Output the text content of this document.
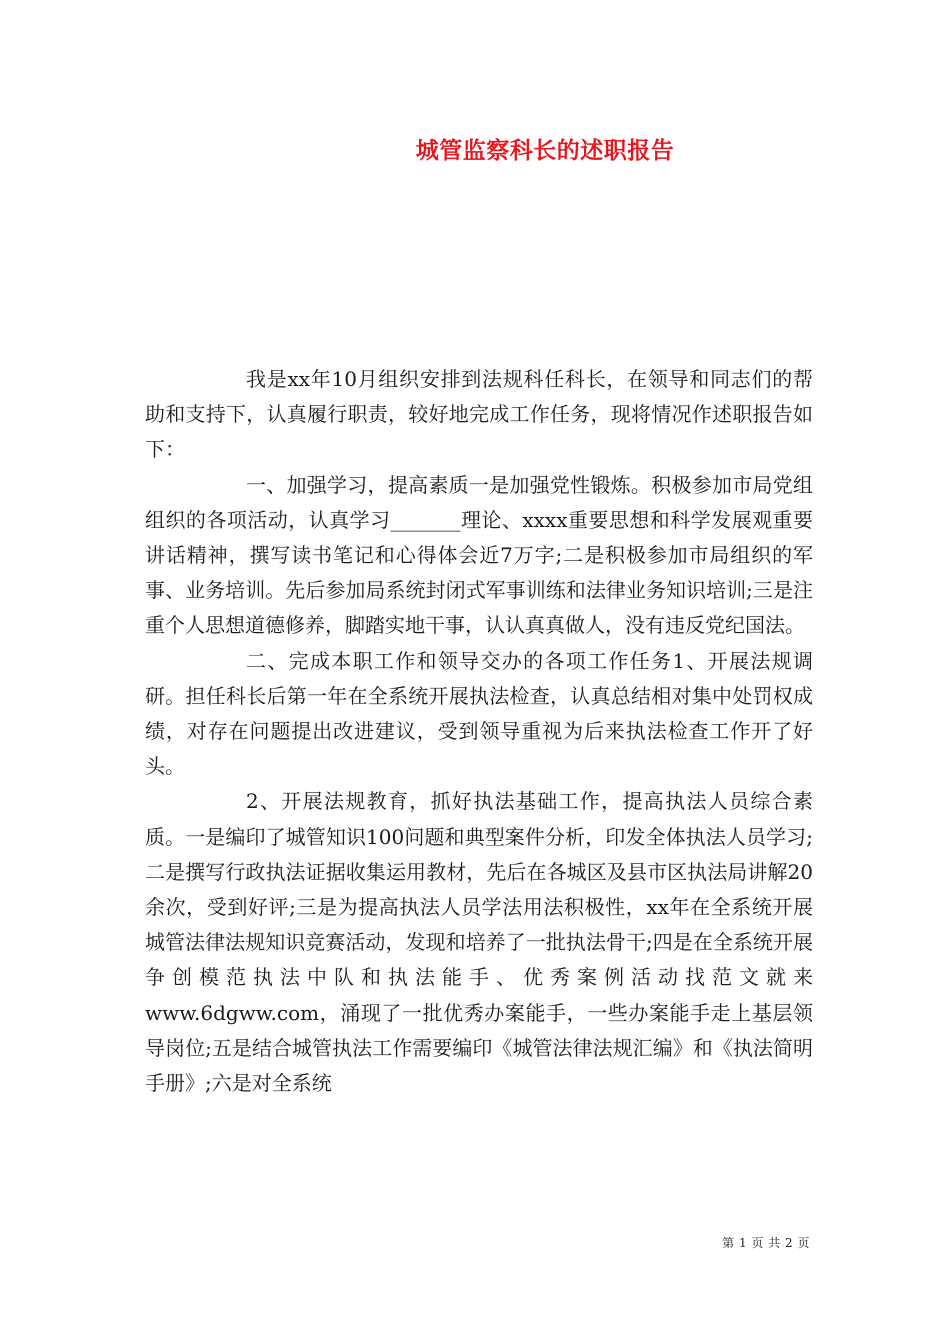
城管监察科长的述职报告

我是xx年10月组织安排到法规科任科长，在领导和同志们的帮助和支持下，认真履行职责，较好地完成工作任务，现将情况作述职报告如下：

一、加强学习，提高素质一是加强党性锻炼。积极参加市局党组组织的各项活动，认真学习_______理论、xxxx重要思想和科学发展观重要讲话精神，撰写读书笔记和心得体会近7万字;二是积极参加市局组织的军事、业务培训。先后参加局系统封闭式军事训练和法律业务知识培训;三是注重个人思想道德修养，脚踏实地干事，认认真真做人，没有违反党纪国法。

二、完成本职工作和领导交办的各项工作任务1、开展法规调研。担任科长后第一年在全系统开展执法检查，认真总结相对集中处罚权成绩，对存在问题提出改进建议，受到领导重视为后来执法检查工作开了好头。

2、开展法规教育，抓好执法基础工作，提高执法人员综合素质。一是编印了城管知识100问题和典型案件分析，印发全体执法人员学习;二是撰写行政执法证据收集运用教材，先后在各城区及县市区执法局讲解20余次，受到好评;三是为提高执法人员学法用法积极性，xx年在全系统开展城管法律法规知识竞赛活动，发现和培养了一批执法骨干;四是在全系统开展争创模范执法中队和执法能手、优秀案例活动找范文就来www.6dgww.com，涌现了一批优秀办案能手，一些办案能手走上基层领导岗位;五是结合城管执法工作需要编印《城管法律法规汇编》和《执法简明手册》;六是对全系统

第 1 页 共 2 页
